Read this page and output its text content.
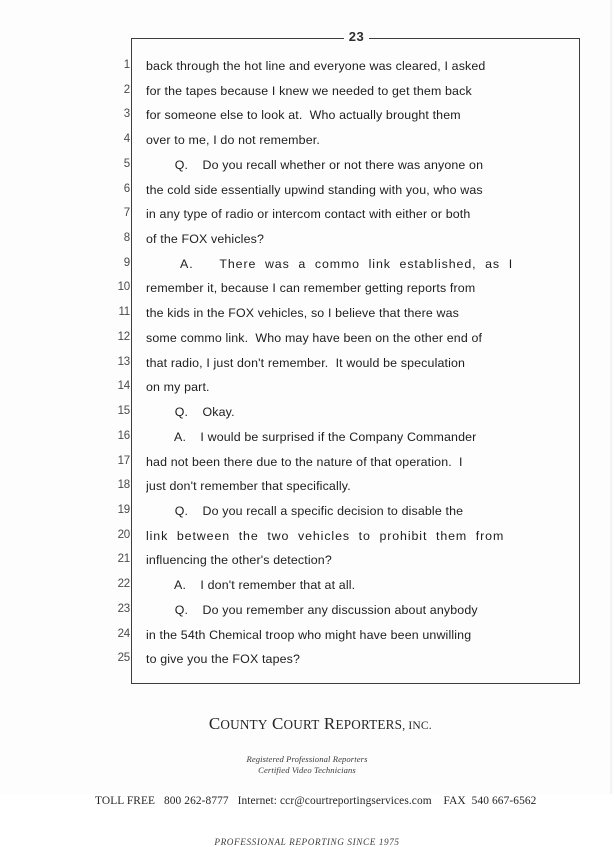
1
2
3
4
5
6
7
8
9
10
11
12
13
14
15
16
17
18
19
20
21
22
23
24
25
23
back through the hot line and everyone was cleared, I asked
for the tapes because I knew we needed to get them back
for someone else to look at.  Who actually brought them
over to me, I do not remember.
Q.    Do you recall whether or not there was anyone on
the cold side essentially upwind standing with you, who was
in any type of radio or intercom contact with either or both
of the FOX vehicles?
A.      There  was  a  commo  link  established,  as  I
remember it, because I can remember getting reports from
the kids in the FOX vehicles, so I believe that there was
some commo link.  Who may have been on the other end of
that radio, I just don't remember.  It would be speculation
on my part.
Q.    Okay.
A.    I would be surprised if the Company Commander
had not been there due to the nature of that operation.  I
just don't remember that specifically.
Q.    Do you recall a specific decision to disable the
link  between  the  two  vehicles  to  prohibit  them  from
influencing the other's detection?
A.    I don't remember that at all.
Q.    Do you remember any discussion about anybody
in the 54th Chemical troop who might have been unwilling
to give you the FOX tapes?

COUNTY COURT REPORTERS, INC.

Registered Professional Reporters
Certified Video Technicians

TOLL FREE 800 262-8777 Internet: ccr@courtreportingservices.com FAX 540 667-6562

PROFESSIONAL REPORTING SINCE 1975
